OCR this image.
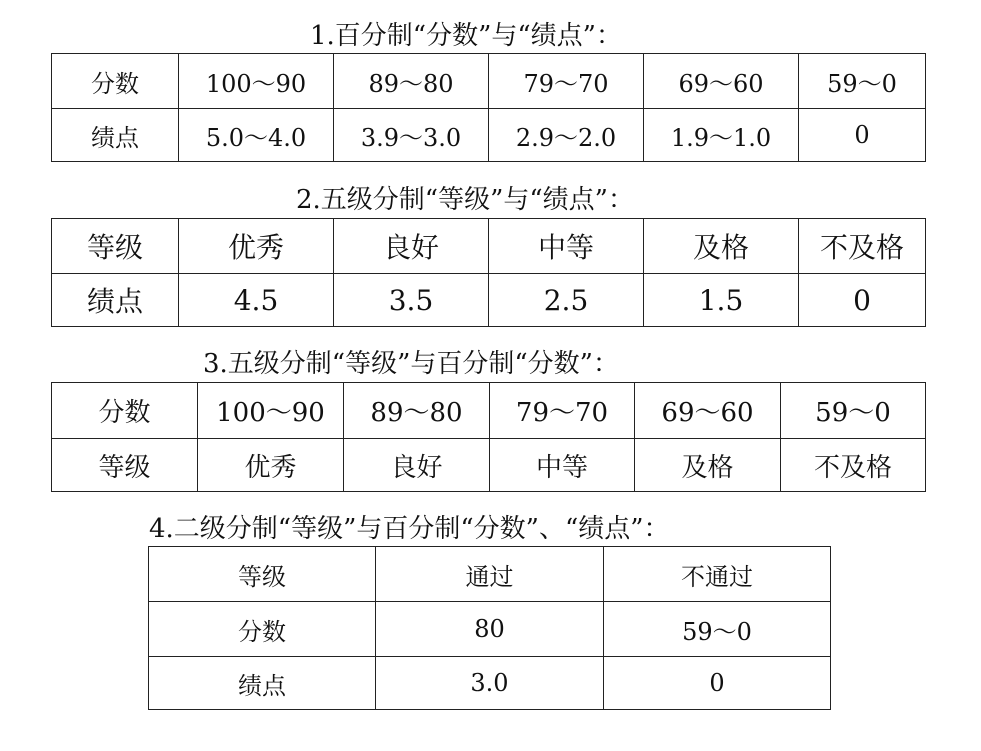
1.百分制“分数”与“绩点”：
分数	100～90	89～80	79～70	69～60	59～0
绩点	5.0～4.0	3.9～3.0	2.9～2.0	1.9～1.0	0
2.五级分制“等级”与“绩点”：
等级	优秀	良好	中等	及格	不及格
绩点	4.5	3.5	2.5	1.5	0
3.五级分制“等级”与百分制“分数”：
分数	100～90	89～80	79～70	69～60	59～0
等级	优秀	良好	中等	及格	不及格
4.二级分制“等级”与百分制“分数”、“绩点”：
等级	通过	不通过
分数	80	59～0
绩点	3.0	0
